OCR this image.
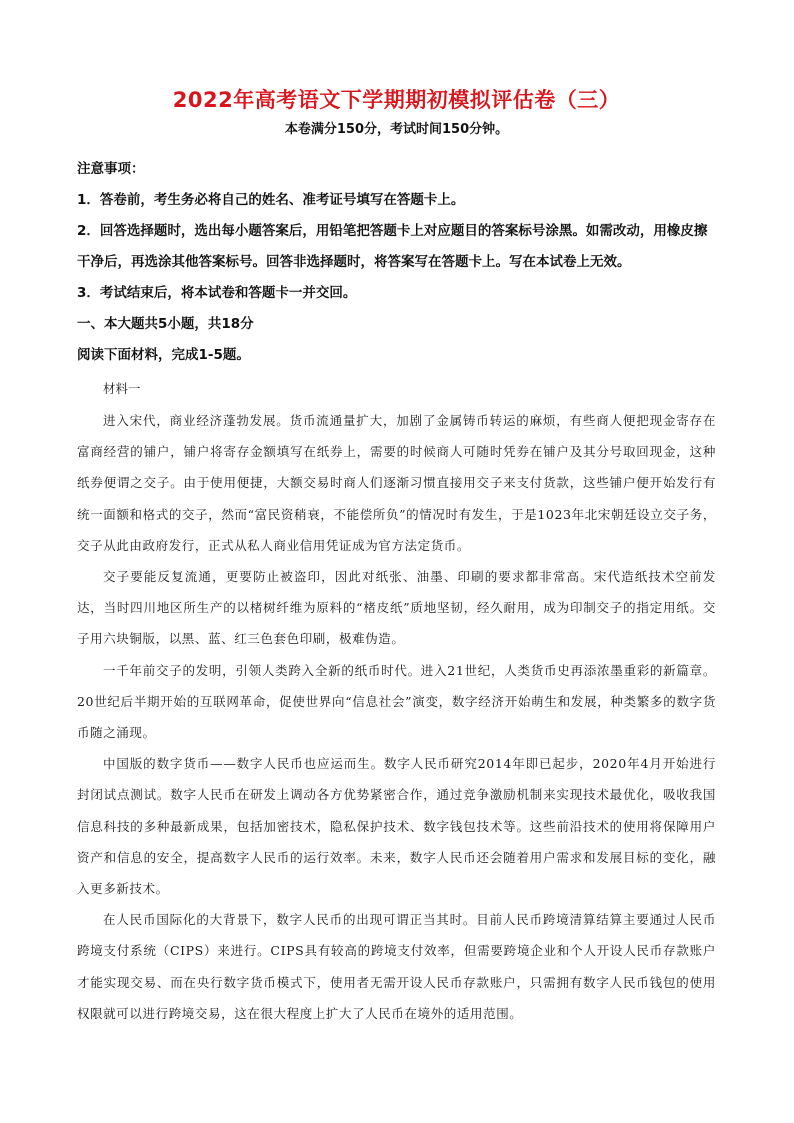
2022年高考语文下学期期初模拟评估卷（三）

本卷满分150分，考试时间150分钟。

注意事项：

1．答卷前，考生务必将自己的姓名、准考证号填写在答题卡上。

2．回答选择题时，选出每小题答案后，用铅笔把答题卡上对应题目的答案标号涂黑。如需改动，用橡皮擦干净后，再选涂其他答案标号。回答非选择题时，将答案写在答题卡上。写在本试卷上无效。

3．考试结束后，将本试卷和答题卡一并交回。

一、本大题共5小题，共18分

阅读下面材料，完成1-5题。

材料一

进入宋代，商业经济蓬勃发展。货币流通量扩大，加剧了金属铸币转运的麻烦，有些商人便把现金寄存在富商经营的铺户，铺户将寄存金额填写在纸券上，需要的时候商人可随时凭券在铺户及其分号取回现金，这种纸券便谓之交子。由于使用便捷，大额交易时商人们逐渐习惯直接用交子来支付货款，这些铺户便开始发行有统一面额和格式的交子，然而“富民资稍衰，不能偿所负”的情况时有发生，于是1023年北宋朝廷设立交子务，交子从此由政府发行，正式从私人商业信用凭证成为官方法定货币。

交子要能反复流通，更要防止被盗印，因此对纸张、油墨、印刷的要求都非常高。宋代造纸技术空前发达，当时四川地区所生产的以楮树纤维为原料的“楮皮纸”质地坚韧，经久耐用，成为印制交子的指定用纸。交子用六块铜版，以黑、蓝、红三色套色印刷，极难伪造。

一千年前交子的发明，引领人类跨入全新的纸币时代。进入21世纪，人类货币史再添浓墨重彩的新篇章。20世纪后半期开始的互联网革命，促使世界向“信息社会”演变，数字经济开始萌生和发展，种类繁多的数字货币随之涌现。

中国版的数字货币——数字人民币也应运而生。数字人民币研究2014年即已起步，2020年4月开始进行封闭试点测试。数字人民币在研发上调动各方优势紧密合作，通过竞争激励机制来实现技术最优化，吸收我国信息科技的多种最新成果，包括加密技术，隐私保护技术、数字钱包技术等。这些前沿技术的使用将保障用户资产和信息的安全，提高数字人民币的运行效率。未来，数字人民币还会随着用户需求和发展目标的变化，融入更多新技术。

在人民币国际化的大背景下，数字人民币的出现可谓正当其时。目前人民币跨境清算结算主要通过人民币跨境支付系统（CIPS）来进行。CIPS具有较高的跨境支付效率，但需要跨境企业和个人开设人民币存款账户才能实现交易、而在央行数字货币模式下，使用者无需开设人民币存款账户，只需拥有数字人民币钱包的使用权限就可以进行跨境交易，这在很大程度上扩大了人民币在境外的适用范围。
